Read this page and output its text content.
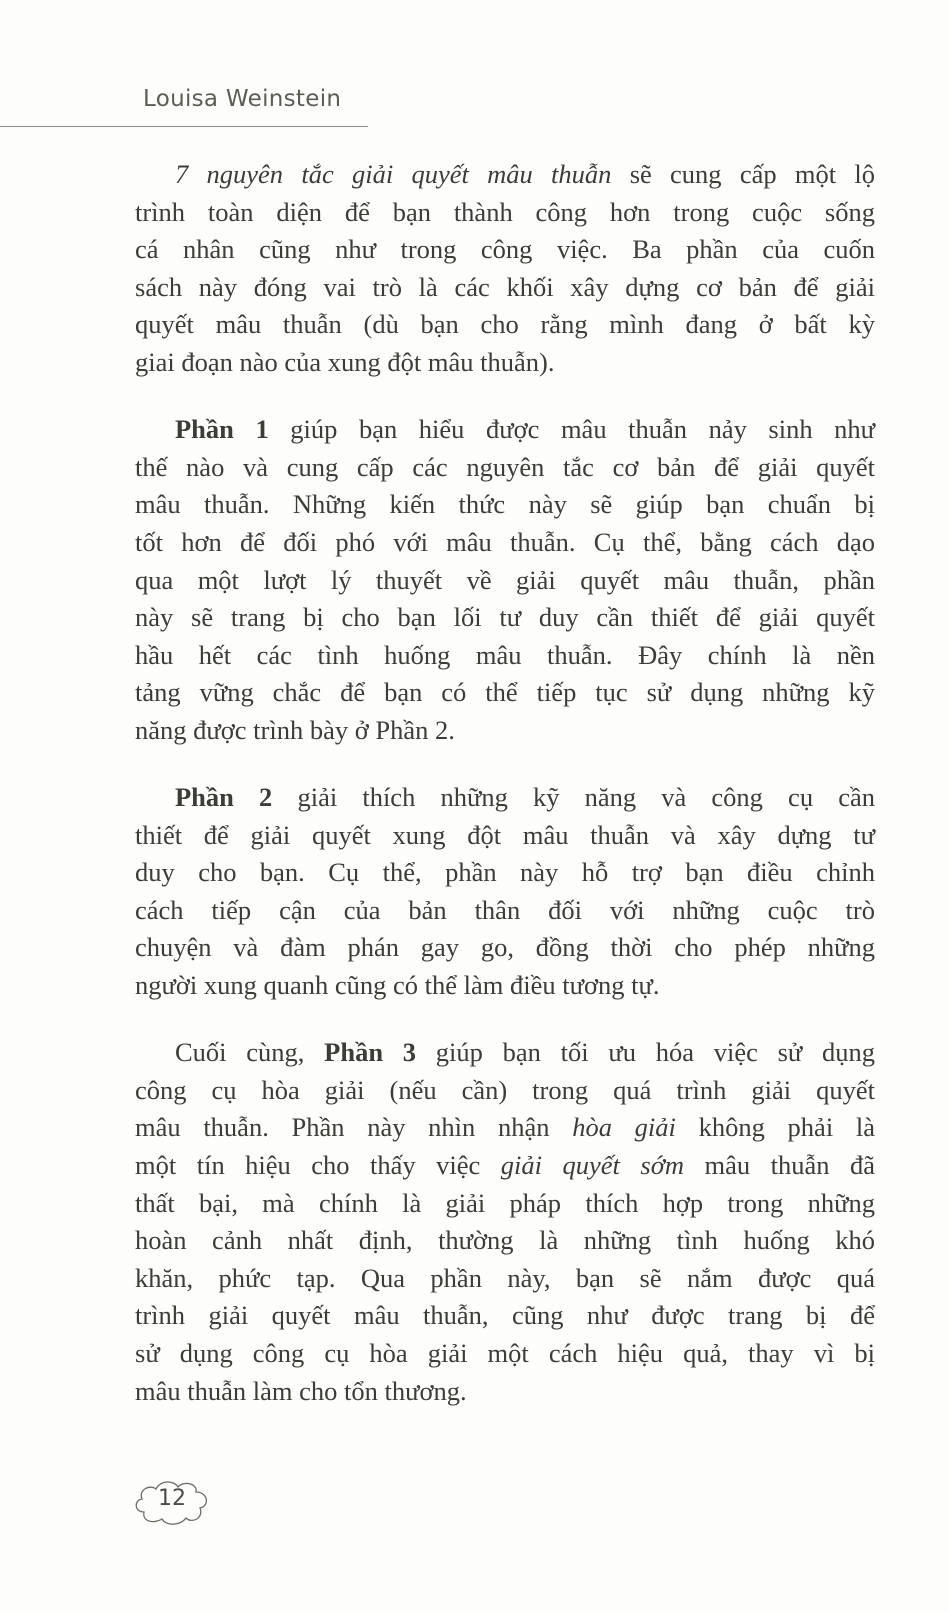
Louisa Weinstein
7 nguyên tắc giải quyết mâu thuẫn sẽ cung cấp một lộ
trình toàn diện để bạn thành công hơn trong cuộc sống
cá nhân cũng như trong công việc. Ba phần của cuốn
sách này đóng vai trò là các khối xây dựng cơ bản để giải
quyết mâu thuẫn (dù bạn cho rằng mình đang ở bất kỳ
giai đoạn nào của xung đột mâu thuẫn).
Phần 1 giúp bạn hiểu được mâu thuẫn nảy sinh như
thế nào và cung cấp các nguyên tắc cơ bản để giải quyết
mâu thuẫn. Những kiến thức này sẽ giúp bạn chuẩn bị
tốt hơn để đối phó với mâu thuẫn. Cụ thể, bằng cách dạo
qua một lượt lý thuyết về giải quyết mâu thuẫn, phần
này sẽ trang bị cho bạn lối tư duy cần thiết để giải quyết
hầu hết các tình huống mâu thuẫn. Đây chính là nền
tảng vững chắc để bạn có thể tiếp tục sử dụng những kỹ
năng được trình bày ở Phần 2.
Phần 2 giải thích những kỹ năng và công cụ cần
thiết để giải quyết xung đột mâu thuẫn và xây dựng tư
duy cho bạn. Cụ thể, phần này hỗ trợ bạn điều chỉnh
cách tiếp cận của bản thân đối với những cuộc trò
chuyện và đàm phán gay go, đồng thời cho phép những
người xung quanh cũng có thể làm điều tương tự.
Cuối cùng, Phần 3 giúp bạn tối ưu hóa việc sử dụng
công cụ hòa giải (nếu cần) trong quá trình giải quyết
mâu thuẫn. Phần này nhìn nhận hòa giải không phải là
một tín hiệu cho thấy việc giải quyết sớm mâu thuẫn đã
thất bại, mà chính là giải pháp thích hợp trong những
hoàn cảnh nhất định, thường là những tình huống khó
khăn, phức tạp. Qua phần này, bạn sẽ nắm được quá
trình giải quyết mâu thuẫn, cũng như được trang bị để
sử dụng công cụ hòa giải một cách hiệu quả, thay vì bị
mâu thuẫn làm cho tổn thương.
12
